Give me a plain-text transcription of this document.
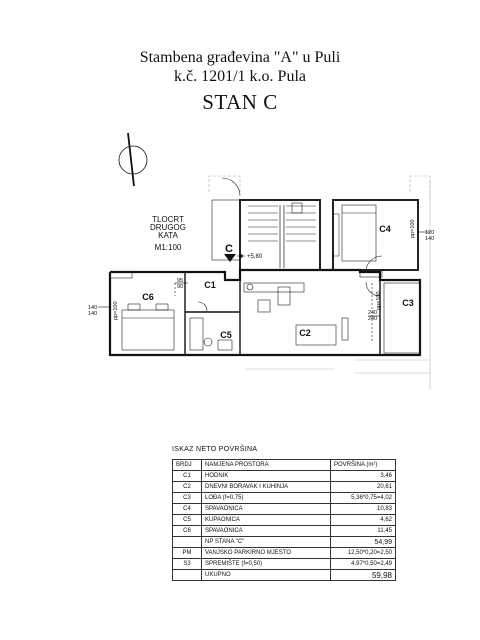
Stambena građevina "A" u Puli
k.č. 1201/1 k.o. Pula
STAN C
TLOCRT
DRUGOG
KATA
M1:100	C
+5,80
C4
C6
C1
C5	C2
C3
120
140
pp=100
140
140	pp=100	240
240
pp=100
95
90
ISKAZ NETO POVRŠINA
BRDJ	NAMJENA PROSTORA	POVRŠINA (m²)
C1	HODNIK	3,46
C2	DNEVNI BORAVAK I KUHINJA	20,61
C3	LOĐA (f=0,75)	5,36*0,75=4,02
C4	SPAVAONICA	10,83
C5	KUPAONICA	4,62
C6	SPAVAONICA	11,45
	NP STANA "C"	54,99
PM	VANJSKO PARKIRNO MJESTO	12,50*0,20=2,50
S3	SPREMIŠTE (f=0,50)	4,97*0,50=2,49
	UKUPNO	59,98
